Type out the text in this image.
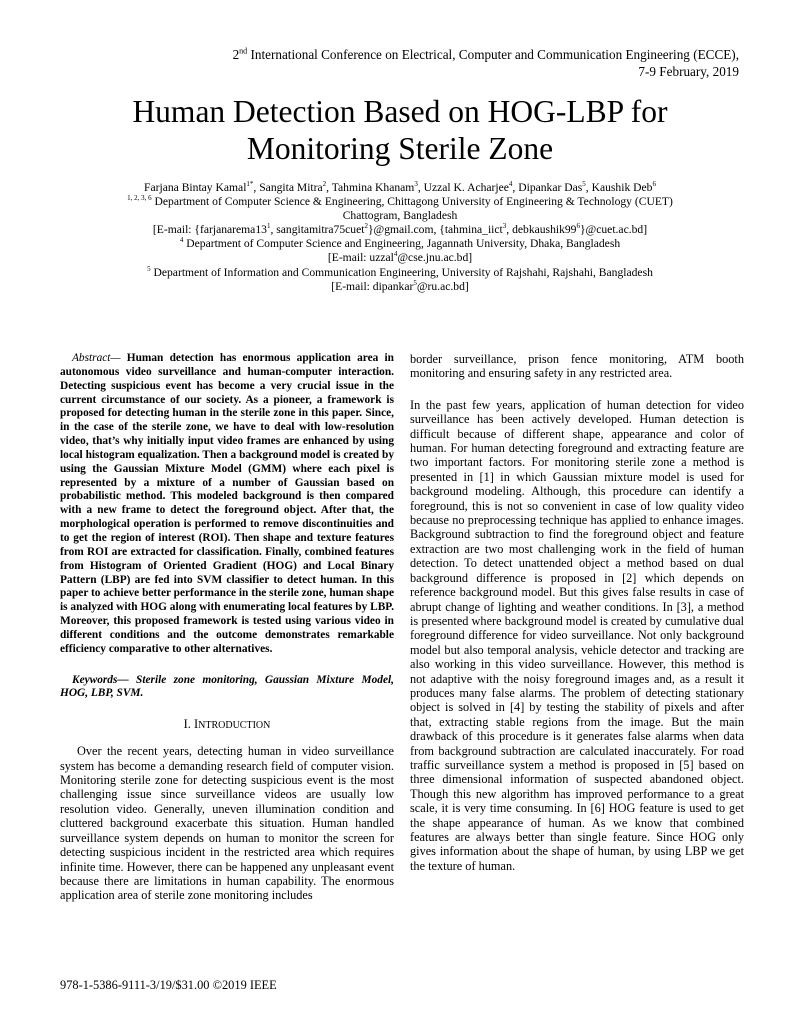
2nd International Conference on Electrical, Computer and Communication Engineering (ECCE),
7-9 February, 2019
Human Detection Based on HOG-LBP for
Monitoring Sterile Zone
Farjana Bintay Kamal$^{1*}$, Sangita Mitra$^2$, Tahmina Khanam$^3$, Uzzal K. Acharjee$^4$, Dipankar Das$^5$, Kaushik Deb$^6$
$^{1, 2, 3, 6}$ Department of Computer Science & Engineering, Chittagong University of Engineering & Technology (CUET)
Chattogram, Bangladesh
[E-mail: {$farjanarema13^1$, sangitamitra75cuet$^2$}@gmail.com, {tahmina_iict$^3$, $debkaushik99^6\}@cuet.ac.bd$]
$^4$ Department of Computer Science and Engineering, Jagannath University, Dhaka, Bangladesh
[E-mail: uzzal$^4$@cse.jnu.ac.bd]
$^5$ Department of Information and Communication Engineering, University of Rajshahi, Rajshahi, Bangladesh
[E-mail: dipankar$^5$@ru.ac.bd]

Abstract— Human detection has enormous application area in autonomous video surveillance and human-computer interaction. Detecting suspicious event has become a very crucial issue in the current circumstance of our society. As a pioneer, a framework is proposed for detecting human in the sterile zone in this paper. Since, in the case of the sterile zone, we have to deal with low-resolution video, that’s why initially input video frames are enhanced by using local histogram equalization. Then a background model is created by using the Gaussian Mixture Model (GMM) where each pixel is represented by a mixture of a number of Gaussian based on probabilistic method. This modeled background is then compared with a new frame to detect the foreground object. After that, the morphological operation is performed to remove discontinuities and to get the region of interest (ROI). Then shape and texture features from ROI are extracted for classification. Finally, combined features from Histogram of Oriented Gradient (HOG) and Local Binary Pattern (LBP) are fed into SVM classifier to detect human. In this paper to achieve better performance in the sterile zone, human shape is analyzed with HOG along with enumerating local features by LBP. Moreover, this proposed framework is tested using various video in different conditions and the outcome demonstrates remarkable efficiency comparative to other alternatives.

Keywords— Sterile zone monitoring, Gaussian Mixture Model, HOG, LBP, SVM.

I. INTRODUCTION

Over the recent years, detecting human in video surveillance system has become a demanding research field of computer vision. Monitoring sterile zone for detecting suspicious event is the most challenging issue since surveillance videos are usually low resolution video. Generally, uneven illumination condition and cluttered background exacerbate this situation. Human handled surveillance system depends on human to monitor the screen for detecting suspicious incident in the restricted area which requires infinite time. However, there can be happened any unpleasant event because there are limitations in human capability. The enormous application area of sterile zone monitoring includes

border surveillance, prison fence monitoring, ATM booth monitoring and ensuring safety in any restricted area.

In the past few years, application of human detection for video surveillance has been actively developed. Human detection is difficult because of different shape, appearance and color of human. For human detecting foreground and extracting feature are two important factors. For monitoring sterile zone a method is presented in [1] in which Gaussian mixture model is used for background modeling. Although, this procedure can identify a foreground, this is not so convenient in case of low quality video because no preprocessing technique has applied to enhance images. Background subtraction to find the foreground object and feature extraction are two most challenging work in the field of human detection. To detect unattended object a method based on dual background difference is proposed in [2] which depends on reference background model. But this gives false results in case of abrupt change of lighting and weather conditions. In [3], a method is presented where background model is created by cumulative dual foreground difference for video surveillance. Not only background model but also temporal analysis, vehicle detector and tracking are also working in this video surveillance. However, this method is not adaptive with the noisy foreground images and, as a result it produces many false alarms. The problem of detecting stationary object is solved in [4] by testing the stability of pixels and after that, extracting stable regions from the image. But the main drawback of this procedure is it generates false alarms when data from background subtraction are calculated inaccurately. For road traffic surveillance system a method is proposed in [5] based on three dimensional information of suspected abandoned object. Though this new algorithm has improved performance to a great scale, it is very time consuming. In [6] HOG feature is used to get the shape appearance of human. As we know that combined features are always better than single feature. Since HOG only gives information about the shape of human, by using LBP we get the texture of human.

978-1-5386-9111-3/19/$31.00 ©2019 IEEE
